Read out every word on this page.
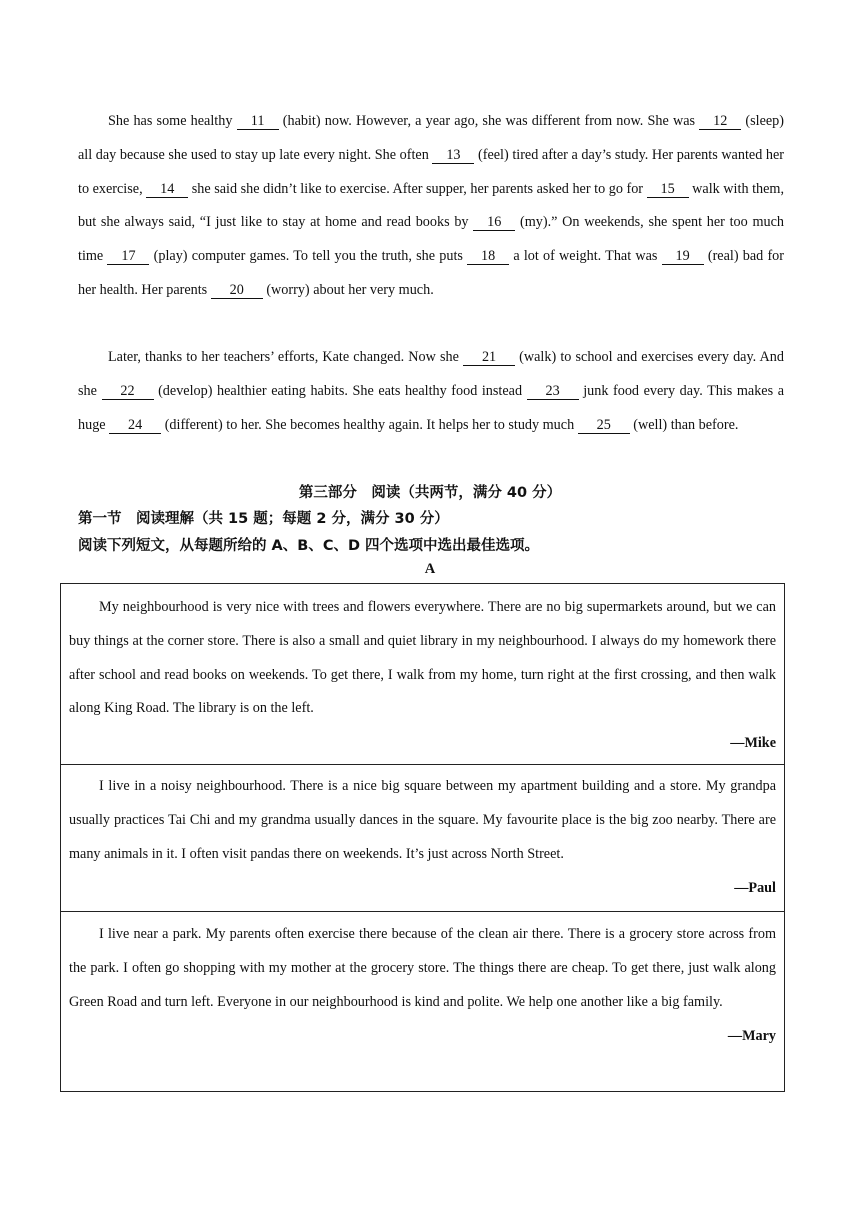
She has some healthy 11 (habit) now. However, a year ago, she was different from now. She was 12 (sleep) all day because she used to stay up late every night. She often 13 (feel) tired after a day’s study. Her parents wanted her to exercise, 14 she said she didn’t like to exercise. After supper, her parents asked her to go for 15 walk with them, but she always said, “I just like to stay at home and read books by 16 (my).” On weekends, she spent her too much time 17 (play) computer games. To tell you the truth, she puts 18 a lot of weight. That was 19 (real) bad for her health. Her parents 20 (worry) about her very much.

Later, thanks to her teachers’ efforts, Kate changed. Now she 21 (walk) to school and exercises every day. And she 22 (develop) healthier eating habits. She eats healthy food instead 23 junk food every day. This makes a huge 24 (different) to her. She becomes healthy again. It helps her to study much 25 (well) than before.

第三部分　阅读（共两节，满分 40 分）
第一节　阅读理解（共 15 题；每题 2 分，满分 30 分）
阅读下列短文，从每题所给的 A、B、C、D 四个选项中选出最佳选项。
A

My neighbourhood is very nice with trees and flowers everywhere. There are no big supermarkets around, but we can buy things at the corner store. There is also a small and quiet library in my neighbourhood. I always do my homework there after school and read books on weekends. To get there, I walk from my home, turn right at the first crossing, and then walk along King Road. The library is on the left.

—Mike

I live in a noisy neighbourhood. There is a nice big square between my apartment building and a store. My grandpa usually practices Tai Chi and my grandma usually dances in the square. My favourite place is the big zoo nearby. There are many animals in it. I often visit pandas there on weekends. It’s just across North Street.

—Paul

I live near a park. My parents often exercise there because of the clean air there. There is a grocery store across from the park. I often go shopping with my mother at the grocery store. The things there are cheap. To get there, just walk along Green Road and turn left. Everyone in our neighbourhood is kind and polite. We help one another like a big family.

—Mary
